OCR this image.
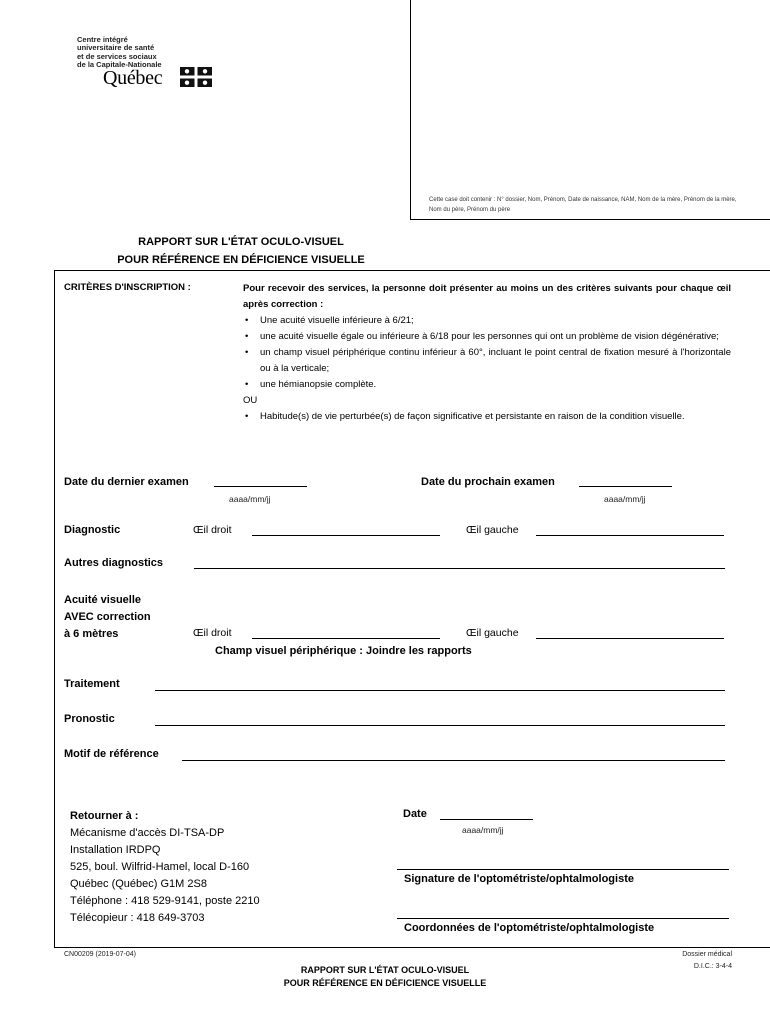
Centre intégré
universitaire de santé
et de services sociaux
de la Capitale-Nationale
Québec
Cette case doit contenir : N° dossier, Nom, Prénom, Date de naissance, NAM, Nom de la mère, Prénom de la mère, Nom du père, Prénom du père
RAPPORT SUR L'ÉTAT OCULO-VISUEL
POUR RÉFÉRENCE EN DÉFICIENCE VISUELLE
CRITÈRES D'INSCRIPTION :	Pour recevoir des services, la personne doit présenter au moins un des critères suivants pour chaque œil après correction :
• Une acuité visuelle inférieure à 6/21;
• une acuité visuelle égale ou inférieure à 6/18 pour les personnes qui ont un problème de vision dégénérative;
• un champ visuel périphérique continu inférieur à 60°, incluant le point central de fixation mesuré à l'horizontale ou à la verticale;
• une hémianopsie complète.
OU
• Habitude(s) de vie perturbée(s) de façon significative et persistante en raison de la condition visuelle.
Date du dernier examen
aaaa/mm/jj
Date du prochain examen
aaaa/mm/jj
Diagnostic	Œil droit	Œil gauche
Autres diagnostics
Acuité visuelle
AVEC correction
à 6 mètres	Œil droit	Œil gauche
Champ visuel périphérique : Joindre les rapports
Traitement
Pronostic
Motif de référence
Retourner à :
Mécanisme d'accès DI-TSA-DP
Installation IRDPQ
525, boul. Wilfrid-Hamel, local D-160
Québec (Québec) G1M 2S8
Téléphone : 418 529-9141, poste 2210
Télécopieur : 418 649-3703
Date
aaaa/mm/jj
Signature de l'optométriste/ophtalmologiste
Coordonnées de l'optométriste/ophtalmologiste
CN00209 (2019-07-04)
RAPPORT SUR L'ÉTAT OCULO-VISUEL
POUR RÉFÉRENCE EN DÉFICIENCE VISUELLE
Dossier médical
D.I.C.: 3-4-4
